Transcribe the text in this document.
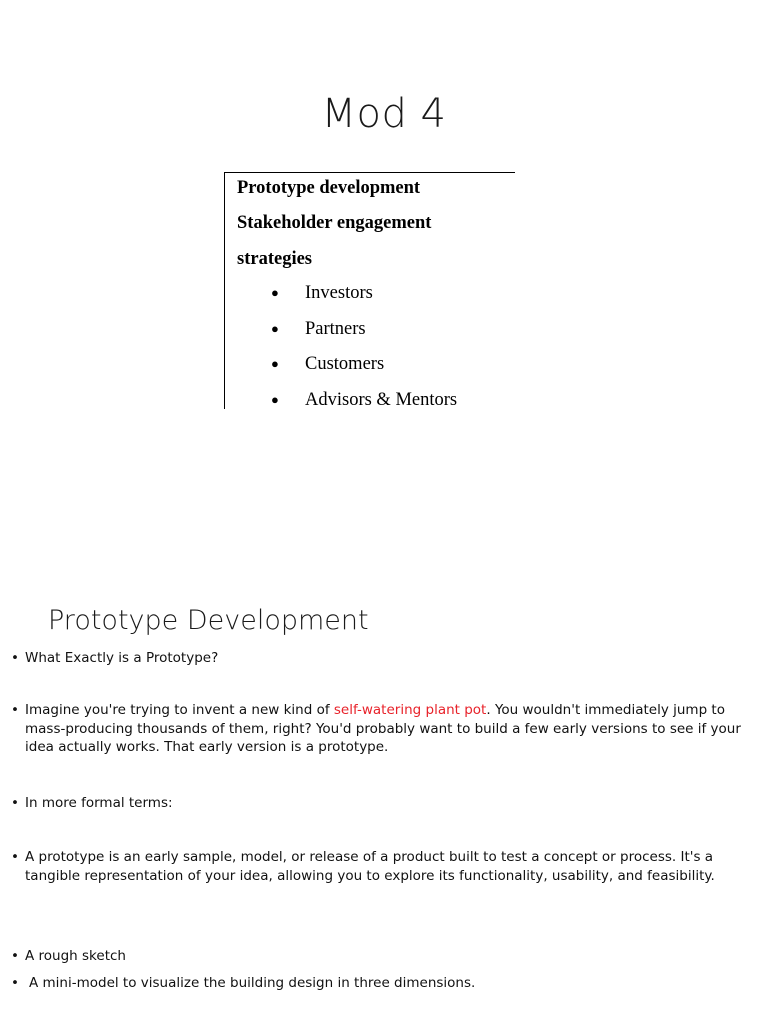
Mod 4
Prototype development
Stakeholder engagement
strategies
● Investors
● Partners
● Customers
● Advisors & Mentors
Prototype Development
• What Exactly is a Prototype?
• Imagine you're trying to invent a new kind of self-watering plant pot. You wouldn't immediately jump to mass-producing thousands of them, right? You'd probably want to build a few early versions to see if your idea actually works. That early version is a prototype.
• In more formal terms:
• A prototype is an early sample, model, or release of a product built to test a concept or process. It's a tangible representation of your idea, allowing you to explore its functionality, usability, and feasibility.
• A rough sketch
• A mini-model to visualize the building design in three dimensions.
